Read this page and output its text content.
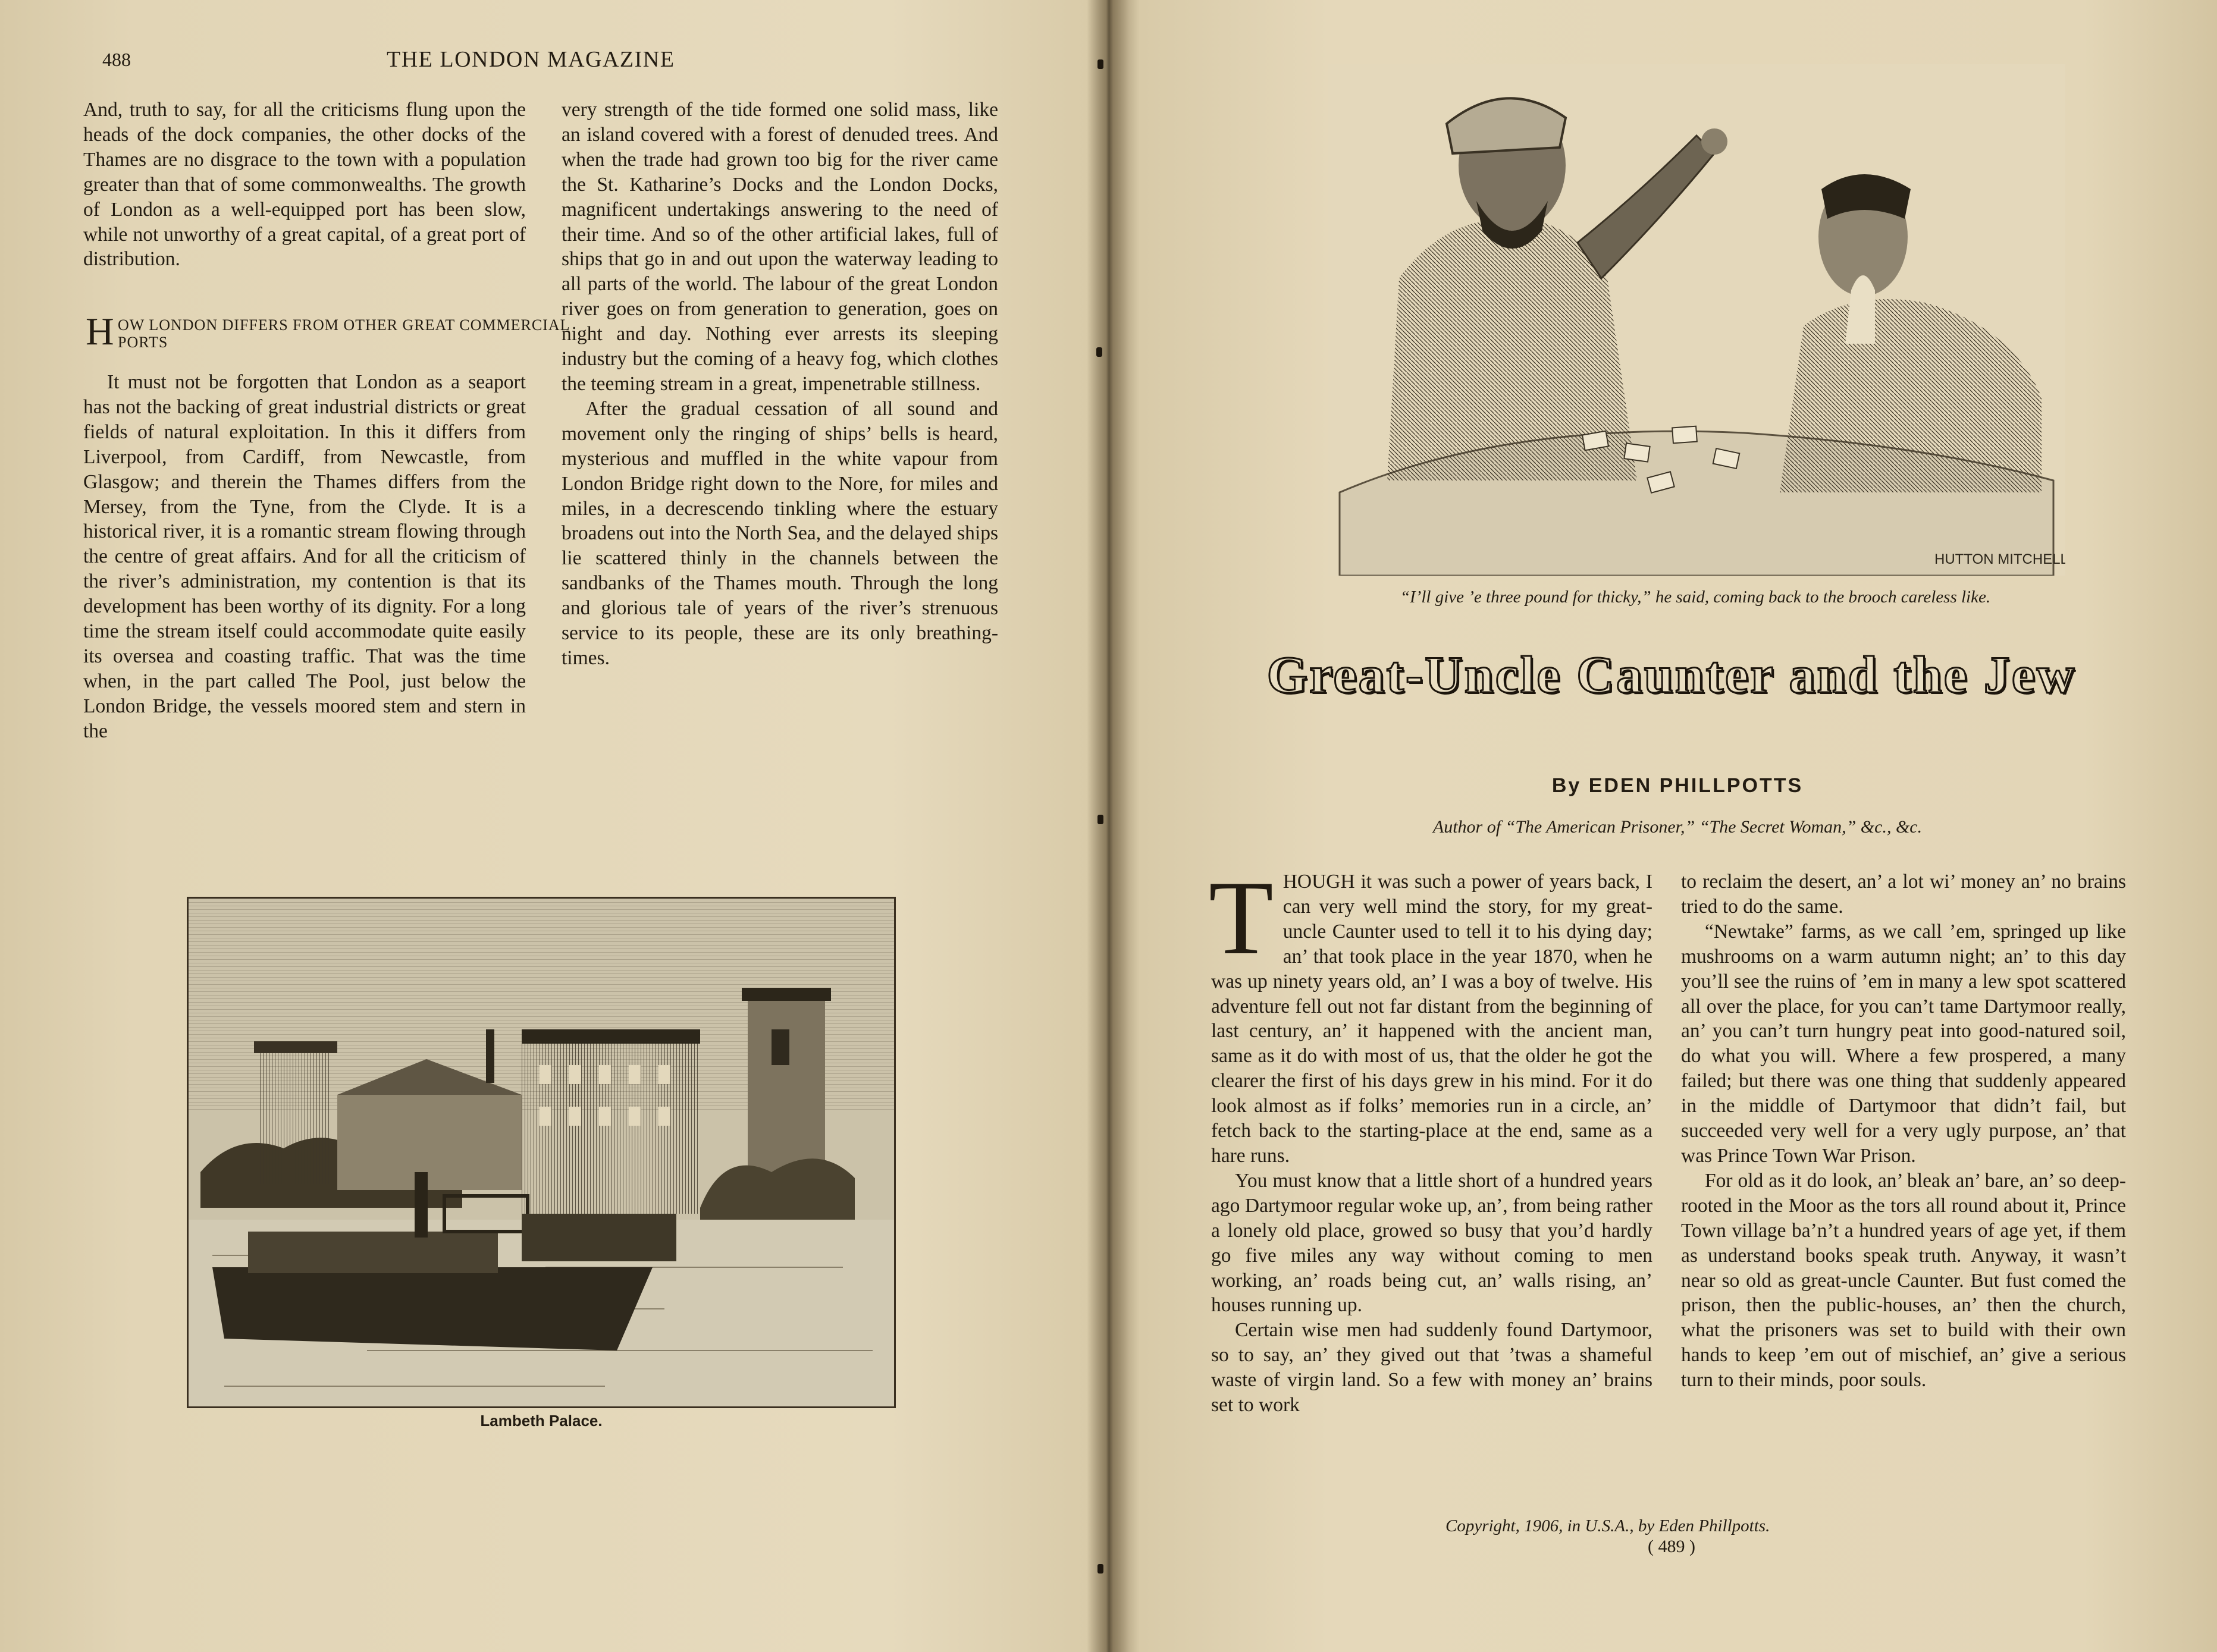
488	THE LONDON MAGAZINE

And, truth to say, for all the criticisms flung upon the heads of the dock companies, the other docks of the Thames are no disgrace to the town with a population greater than that of some commonwealths. The growth of London as a well-equipped port has been slow, while not unworthy of a great capital, of a great port of distribution.

H OW LONDON DIFFERS FROM OTHER GREAT COMMERCIAL PORTS

It must not be forgotten that London as a seaport has not the backing of great industrial districts or great fields of natural exploitation. In this it differs from Liverpool, from Cardiff, from Newcastle, from Glasgow; and therein the Thames differs from the Mersey, from the Tyne, from the Clyde. It is a historical river, it is a romantic stream flowing through the centre of great affairs. And for all the criticism of the river’s administration, my contention is that its development has been worthy of its dignity. For a long time the stream itself could accommodate quite easily its oversea and coasting traffic. That was the time when, in the part called The Pool, just below the London Bridge, the vessels moored stem and stern in the

very strength of the tide formed one solid mass, like an island covered with a forest of denuded trees. And when the trade had grown too big for the river came the St. Katharine’s Docks and the London Docks, magnificent undertakings answering to the need of their time. And so of the other artificial lakes, full of ships that go in and out upon the waterway leading to all parts of the world. The labour of the great London river goes on from generation to generation, goes on night and day. Nothing ever arrests its sleeping industry but the coming of a heavy fog, which clothes the teeming stream in a great, impenetrable stillness.

After the gradual cessation of all sound and movement only the ringing of ships’ bells is heard, mysterious and muffled in the white vapour from London Bridge right down to the Nore, for miles and miles, in a decrescendo tinkling where the estuary broadens out into the North Sea, and the delayed ships lie scattered thinly in the channels between the sandbanks of the Thames mouth. Through the long and glorious tale of years of the river’s strenuous service to its people, these are its only breathing-times.

Lambeth Palace.
HUTTON MITCHELL
“I’ll give ’e three pound for thicky,” he said, coming back to the brooch careless like.
Great-Uncle Caunter and the Jew
By EDEN PHILLPOTTS
Author of “The American Prisoner,” “The Secret Woman,” &c., &c.
T HOUGH it was such a power of years back, I can very well mind the story, for my great-uncle Caunter used to tell it to his dying day; an’ that took place in the year 1870, when he was up ninety years old, an’ I was a boy of twelve. His adventure fell out not far distant from the beginning of last century, an’ it happened with the ancient man, same as it do with most of us, that the older he got the clearer the first of his days grew in his mind. For it do look almost as if folks’ memories run in a circle, an’ fetch back to the starting-place at the end, same as a hare runs.

You must know that a little short of a hundred years ago Dartymoor regular woke up, an’, from being rather a lonely old place, growed so busy that you’d hardly go five miles any way without coming to men working, an’ roads being cut, an’ walls rising, an’ houses running up.

Certain wise men had suddenly found Dartymoor, so to say, an’ they gived out that ’twas a shameful waste of virgin land. So a few with money an’ brains set to work

to reclaim the desert, an’ a lot wi’ money an’ no brains tried to do the same.

“Newtake” farms, as we call ’em, springed up like mushrooms on a warm autumn night; an’ to this day you’ll see the ruins of ’em in many a lew spot scattered all over the place, for you can’t tame Dartymoor really, an’ you can’t turn hungry peat into good-natured soil, do what you will. Where a few prospered, a many failed; but there was one thing that suddenly appeared in the middle of Dartymoor that didn’t fail, but succeeded very well for a very ugly purpose, an’ that was Prince Town War Prison.

For old as it do look, an’ bleak an’ bare, an’ so deep-rooted in the Moor as the tors all round about it, Prince Town village ba’n’t a hundred years of age yet, if them as understand books speak truth. Anyway, it wasn’t near so old as great-uncle Caunter. But fust comed the prison, then the public-houses, an’ then the church, what the prisoners was set to build with their own hands to keep ’em out of mischief, an’ give a serious turn to their minds, poor souls.

Copyright, 1906, in U.S.A., by Eden Phillpotts.
( 489 )
